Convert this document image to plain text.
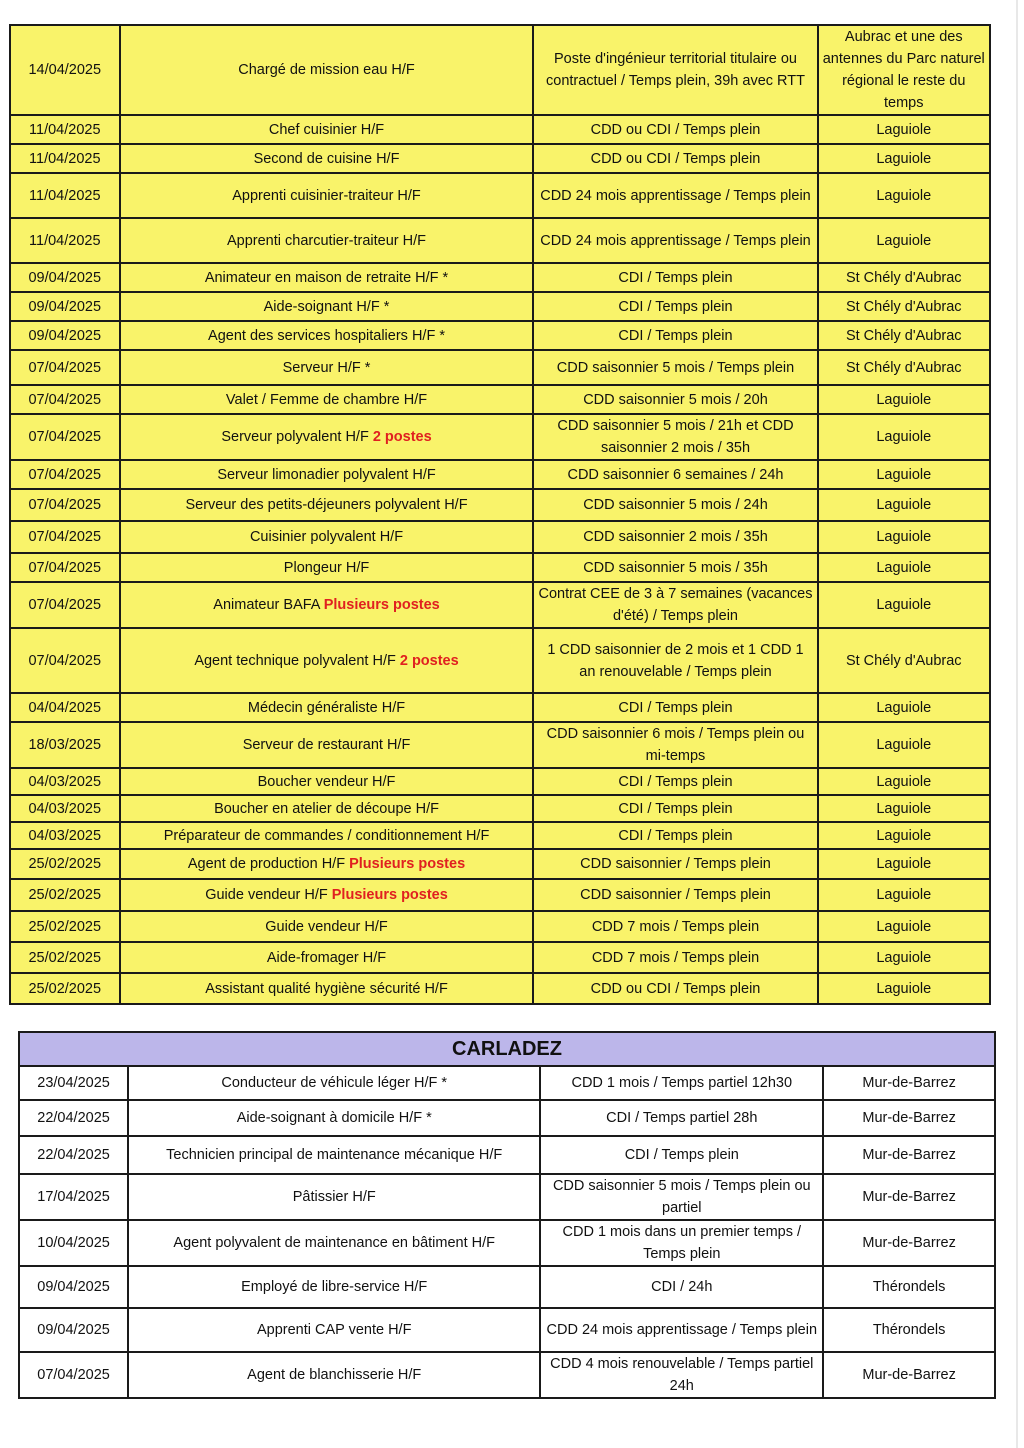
14/04/2025	Chargé de mission eau H/F	Poste d'ingénieur territorial titulaire ou contractuel / Temps plein, 39h avec RTT	Aubrac et une des antennes du Parc naturel régional le reste du temps
11/04/2025	Chef cuisinier H/F	CDD ou CDI / Temps plein	Laguiole
11/04/2025	Second de cuisine H/F	CDD ou CDI / Temps plein	Laguiole
11/04/2025	Apprenti cuisinier-traiteur H/F	CDD 24 mois apprentissage / Temps plein	Laguiole
11/04/2025	Apprenti charcutier-traiteur H/F	CDD 24 mois apprentissage / Temps plein	Laguiole
09/04/2025	Animateur en maison de retraite H/F *	CDI / Temps plein	St Chély d'Aubrac
09/04/2025	Aide-soignant H/F *	CDI / Temps plein	St Chély d'Aubrac
09/04/2025	Agent des services hospitaliers H/F *	CDI / Temps plein	St Chély d'Aubrac
07/04/2025	Serveur H/F *	CDD saisonnier 5 mois / Temps plein	St Chély d'Aubrac
07/04/2025	Valet / Femme de chambre H/F	CDD saisonnier 5 mois / 20h	Laguiole
07/04/2025	Serveur polyvalent H/F 2 postes	CDD saisonnier 5 mois / 21h et CDD saisonnier 2 mois / 35h	Laguiole
07/04/2025	Serveur limonadier polyvalent H/F	CDD saisonnier 6 semaines / 24h	Laguiole
07/04/2025	Serveur des petits-déjeuners polyvalent H/F	CDD saisonnier 5 mois / 24h	Laguiole
07/04/2025	Cuisinier polyvalent H/F	CDD saisonnier 2 mois / 35h	Laguiole
07/04/2025	Plongeur H/F	CDD saisonnier 5 mois / 35h	Laguiole
07/04/2025	Animateur BAFA Plusieurs postes	Contrat CEE de 3 à 7 semaines (vacances d'été) / Temps plein	Laguiole
07/04/2025	Agent technique polyvalent H/F 2 postes	1 CDD saisonnier de 2 mois et 1 CDD 1 an renouvelable / Temps plein	St Chély d'Aubrac
04/04/2025	Médecin généraliste H/F	CDI / Temps plein	Laguiole
18/03/2025	Serveur de restaurant H/F	CDD saisonnier 6 mois / Temps plein ou mi-temps	Laguiole
04/03/2025	Boucher vendeur H/F	CDI / Temps plein	Laguiole
04/03/2025	Boucher en atelier de découpe H/F	CDI / Temps plein	Laguiole
04/03/2025	Préparateur de commandes / conditionnement H/F	CDI / Temps plein	Laguiole
25/02/2025	Agent de production H/F Plusieurs postes	CDD saisonnier / Temps plein	Laguiole
25/02/2025	Guide vendeur H/F Plusieurs postes	CDD saisonnier / Temps plein	Laguiole
25/02/2025	Guide vendeur H/F	CDD 7 mois / Temps plein	Laguiole
25/02/2025	Aide-fromager H/F	CDD 7 mois / Temps plein	Laguiole
25/02/2025	Assistant qualité hygiène sécurité H/F	CDD ou CDI / Temps plein	Laguiole
CARLADEZ			
23/04/2025	Conducteur de véhicule léger H/F *	CDD 1 mois / Temps partiel 12h30	Mur-de-Barrez
22/04/2025	Aide-soignant à domicile H/F *	CDI / Temps partiel 28h	Mur-de-Barrez
22/04/2025	Technicien principal de maintenance mécanique H/F	CDI / Temps plein	Mur-de-Barrez
17/04/2025	Pâtissier H/F	CDD saisonnier 5 mois / Temps plein ou partiel	Mur-de-Barrez
10/04/2025	Agent polyvalent de maintenance en bâtiment H/F	CDD 1 mois dans un premier temps / Temps plein	Mur-de-Barrez
09/04/2025	Employé de libre-service H/F	CDI / 24h	Thérondels
09/04/2025	Apprenti CAP vente H/F	CDD 24 mois apprentissage / Temps plein	Thérondels
07/04/2025	Agent de blanchisserie H/F	CDD 4 mois renouvelable / Temps partiel 24h	Mur-de-Barrez
